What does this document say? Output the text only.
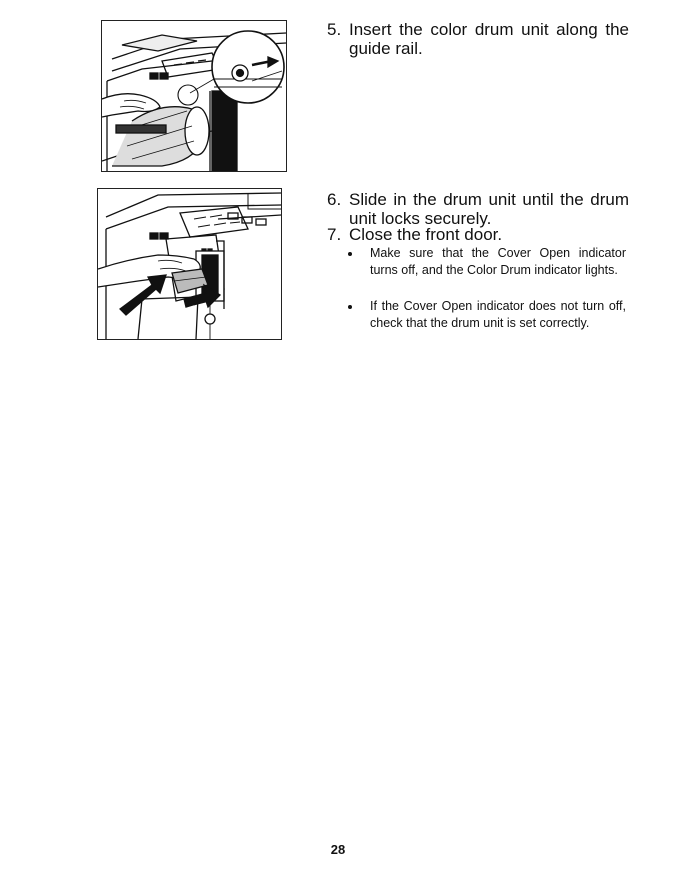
5. Insert the color drum unit along the guide rail.
6. Slide in the drum unit until the drum unit locks securely.
7. Close the front door.
Make sure that the Cover Open indicator turns off, and the Color Drum indicator lights.
If the Cover Open indicator does not turn off, check that the drum unit is set correctly.
28
